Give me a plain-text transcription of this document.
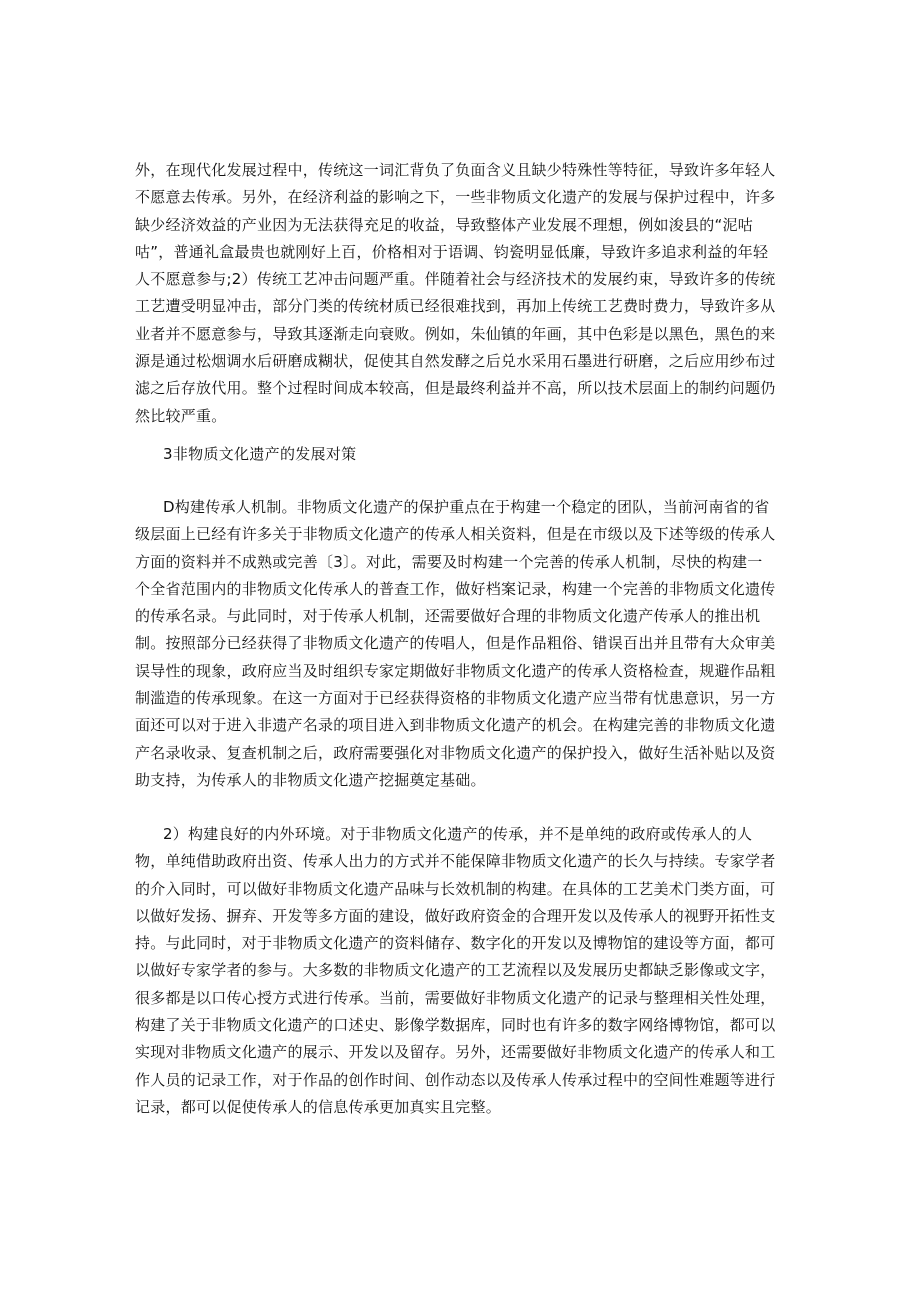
外，在现代化发展过程中，传统这一词汇背负了负面含义且缺少特殊性等特征，导致许多年轻人
不愿意去传承。另外，在经济利益的影响之下，一些非物质文化遗产的发展与保护过程中，许多
缺少经济效益的产业因为无法获得充足的收益，导致整体产业发展不理想，例如浚县的“泥咕
咕”，普通礼盒最贵也就刚好上百，价格相对于语调、钧瓷明显低廉，导致许多追求利益的年轻
人不愿意参与;2）传统工艺冲击问题严重。伴随着社会与经济技术的发展约束，导致许多的传统
工艺遭受明显冲击，部分门类的传统材质已经很难找到，再加上传统工艺费时费力，导致许多从
业者并不愿意参与，导致其逐渐走向衰败。例如，朱仙镇的年画，其中色彩是以黑色，黑色的来
源是通过松烟调水后研磨成糊状，促使其自然发酵之后兑水采用石墨进行研磨，之后应用纱布过
滤之后存放代用。整个过程时间成本较高，但是最终利益并不高，所以技术层面上的制约问题仍
然比较严重。
3非物质文化遗产的发展对策
D构建传承人机制。非物质文化遗产的保护重点在于构建一个稳定的团队，当前河南省的省
级层面上已经有许多关于非物质文化遗产的传承人相关资料，但是在市级以及下述等级的传承人
方面的资料并不成熟或完善〔3〕。对此，需要及时构建一个完善的传承人机制，尽快的构建一
个全省范围内的非物质文化传承人的普查工作，做好档案记录，构建一个完善的非物质文化遗传
的传承名录。与此同时，对于传承人机制，还需要做好合理的非物质文化遗产传承人的推出机
制。按照部分已经获得了非物质文化遗产的传唱人，但是作品粗俗、错误百出并且带有大众审美
误导性的现象，政府应当及时组织专家定期做好非物质文化遗产的传承人资格检查，规避作品粗
制滥造的传承现象。在这一方面对于已经获得资格的非物质文化遗产应当带有忧患意识，另一方
面还可以对于进入非遗产名录的项目进入到非物质文化遗产的机会。在构建完善的非物质文化遗
产名录收录、复查机制之后，政府需要强化对非物质文化遗产的保护投入，做好生活补贴以及资
助支持，为传承人的非物质文化遗产挖掘奠定基础。
2）构建良好的内外环境。对于非物质文化遗产的传承，并不是单纯的政府或传承人的人
物，单纯借助政府出资、传承人出力的方式并不能保障非物质文化遗产的长久与持续。专家学者
的介入同时，可以做好非物质文化遗产品味与长效机制的构建。在具体的工艺美术门类方面，可
以做好发扬、摒弃、开发等多方面的建设，做好政府资金的合理开发以及传承人的视野开拓性支
持。与此同时，对于非物质文化遗产的资料储存、数字化的开发以及博物馆的建设等方面，都可
以做好专家学者的参与。大多数的非物质文化遗产的工艺流程以及发展历史都缺乏影像或文字，
很多都是以口传心授方式进行传承。当前，需要做好非物质文化遗产的记录与整理相关性处理，
构建了关于非物质文化遗产的口述史、影像学数据库，同时也有许多的数字网络博物馆，都可以
实现对非物质文化遗产的展示、开发以及留存。另外，还需要做好非物质文化遗产的传承人和工
作人员的记录工作，对于作品的创作时间、创作动态以及传承人传承过程中的空间性难题等进行
记录，都可以促使传承人的信息传承更加真实且完整。
